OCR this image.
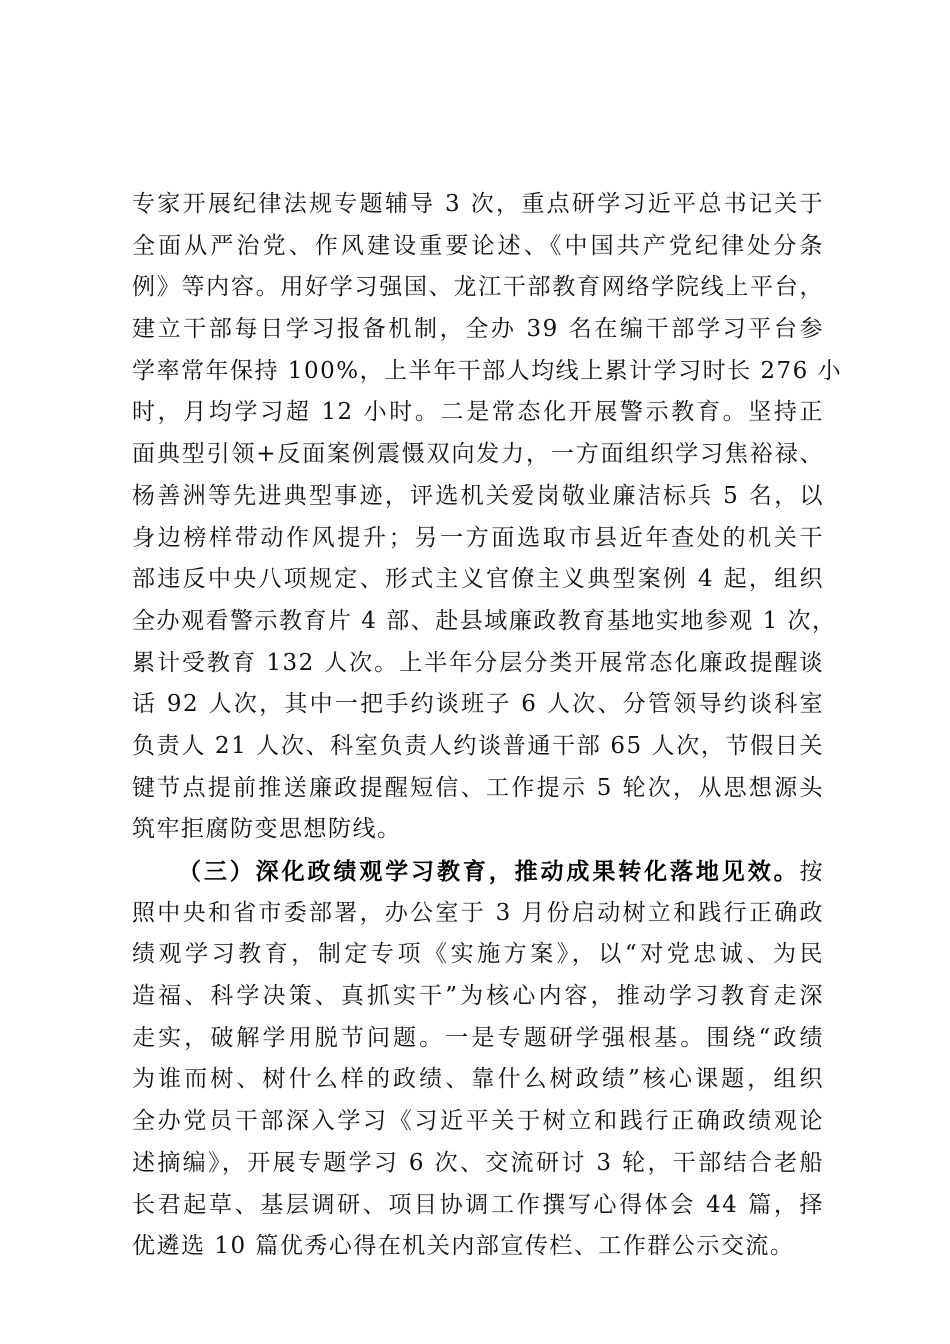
专家开展纪律法规专题辅导 3 次，重点研学习近平总书记关于
全面从严治党、作风建设重要论述、《中国共产党纪律处分条
例》等内容。用好学习强国、龙江干部教育网络学院线上平台，
建立干部每日学习报备机制，全办 39 名在编干部学习平台参
学率常年保持 100%，上半年干部人均线上累计学习时长 276 小
时，月均学习超 12 小时。二是常态化开展警示教育。坚持正
面典型引领+反面案例震慑双向发力，一方面组织学习焦裕禄、
杨善洲等先进典型事迹，评选机关爱岗敬业廉洁标兵 5 名，以
身边榜样带动作风提升；另一方面选取市县近年查处的机关干
部违反中央八项规定、形式主义官僚主义典型案例 4 起，组织
全办观看警示教育片 4 部、赴县域廉政教育基地实地参观 1 次，
累计受教育 132 人次。上半年分层分类开展常态化廉政提醒谈
话 92 人次，其中一把手约谈班子 6 人次、分管领导约谈科室
负责人 21 人次、科室负责人约谈普通干部 65 人次，节假日关
键节点提前推送廉政提醒短信、工作提示 5 轮次，从思想源头
筑牢拒腐防变思想防线。
（三）深化政绩观学习教育，推动成果转化落地见效。按
照中央和省市委部署，办公室于 3 月份启动树立和践行正确政
绩观学习教育，制定专项《实施方案》，以“对党忠诚、为民
造福、科学决策、真抓实干”为核心内容，推动学习教育走深
走实，破解学用脱节问题。一是专题研学强根基。围绕“政绩
为谁而树、树什么样的政绩、靠什么树政绩”核心课题，组织
全办党员干部深入学习《习近平关于树立和践行正确政绩观论
述摘编》，开展专题学习 6 次、交流研讨 3 轮，干部结合老船
长君起草、基层调研、项目协调工作撰写心得体会 44 篇，择
优遴选 10 篇优秀心得在机关内部宣传栏、工作群公示交流。
